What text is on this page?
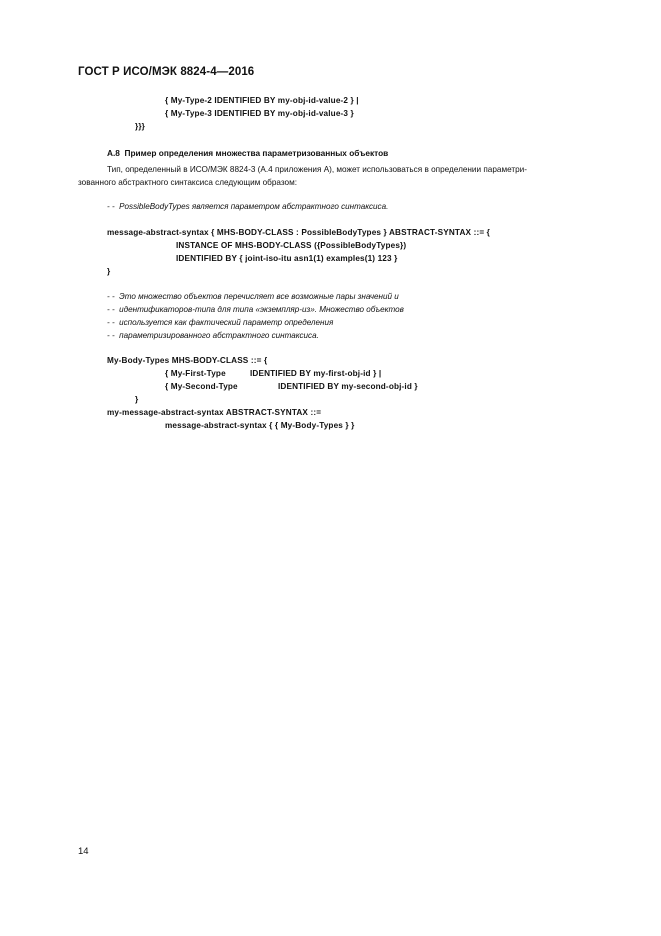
ГОСТ Р ИСО/МЭК 8824-4—2016
{ My-Type-2 IDENTIFIED BY my-obj-id-value-2 } |
{ My-Type-3 IDENTIFIED BY my-obj-id-value-3 }
}}}
A.8  Пример определения множества параметризованных объектов
Тип, определенный в ИСО/МЭК 8824-3 (А.4 приложения А), может использоваться в определении параметри-
зованного абстрактного синтаксиса следующим образом:
- -  PossibleBodyTypes является параметром абстрактного синтаксиса.
message-abstract-syntax { MHS-BODY-CLASS : PossibleBodyTypes } ABSTRACT-SYNTAX ::= {
INSTANCE OF MHS-BODY-CLASS ({PossibleBodyTypes})
IDENTIFIED BY { joint-iso-itu asn1(1) examples(1) 123 }
}
- -  Это множество объектов перечисляет все возможные пары значений и
- -  идентификаторов-типа для типа «экземпляр-из». Множество объектов
- -  используется как фактический параметр определения
- -  параметризированного абстрактного синтаксиса.
My-Body-Types MHS-BODY-CLASS ::= {
{ My-First-Type	IDENTIFIED BY my-first-obj-id } |
{ My-Second-Type	IDENTIFIED BY my-second-obj-id }
}
my-message-abstract-syntax ABSTRACT-SYNTAX ::=
message-abstract-syntax { { My-Body-Types } }
14
